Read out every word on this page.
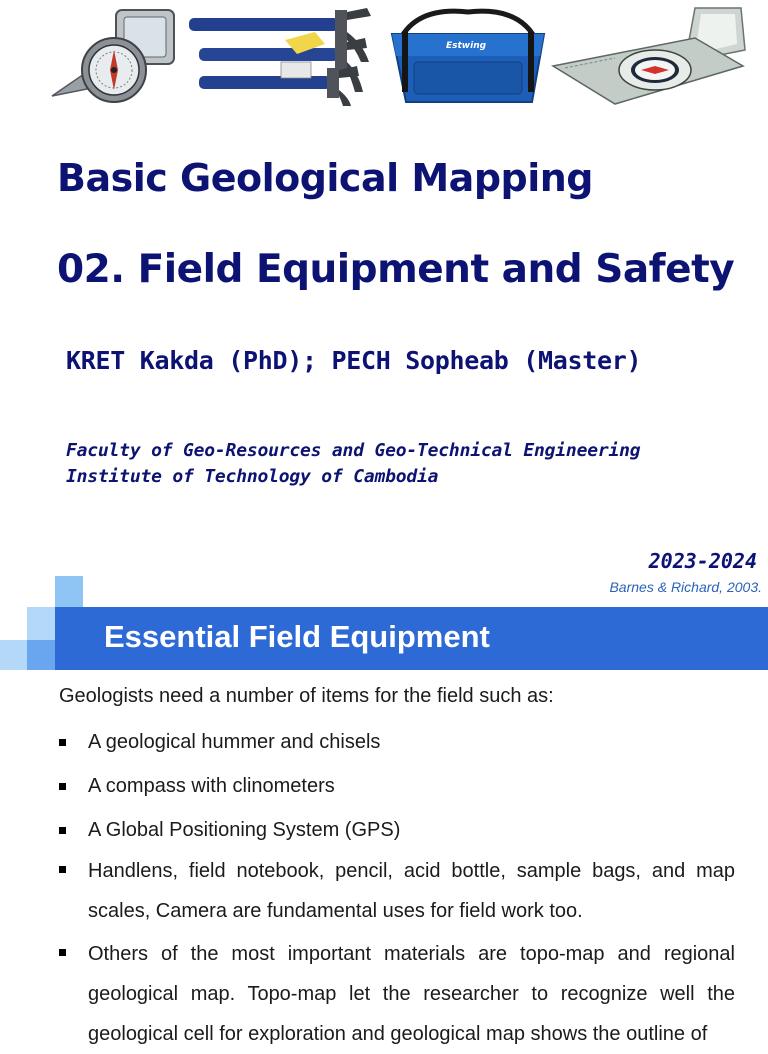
Estwing
Basic Geological Mapping
02. Field Equipment and Safety
KRET Kakda (PhD); PECH Sopheab (Master)
Faculty of Geo-Resources and Geo-Technical Engineering
Institute of Technology of Cambodia
2023-2024
Barnes & Richard, 2003.
Essential Field Equipment
Geologists need a number of items for the field such as:
A geological hummer and chisels
A compass with clinometers
A Global Positioning System (GPS)
Handlens, field notebook, pencil, acid bottle, sample bags, and map scales, Camera are fundamental uses for field work too.
Others of the most important materials are topo-map and regional geological map. Topo-map let the researcher to recognize well the geological cell for exploration and geological map shows the outline of
